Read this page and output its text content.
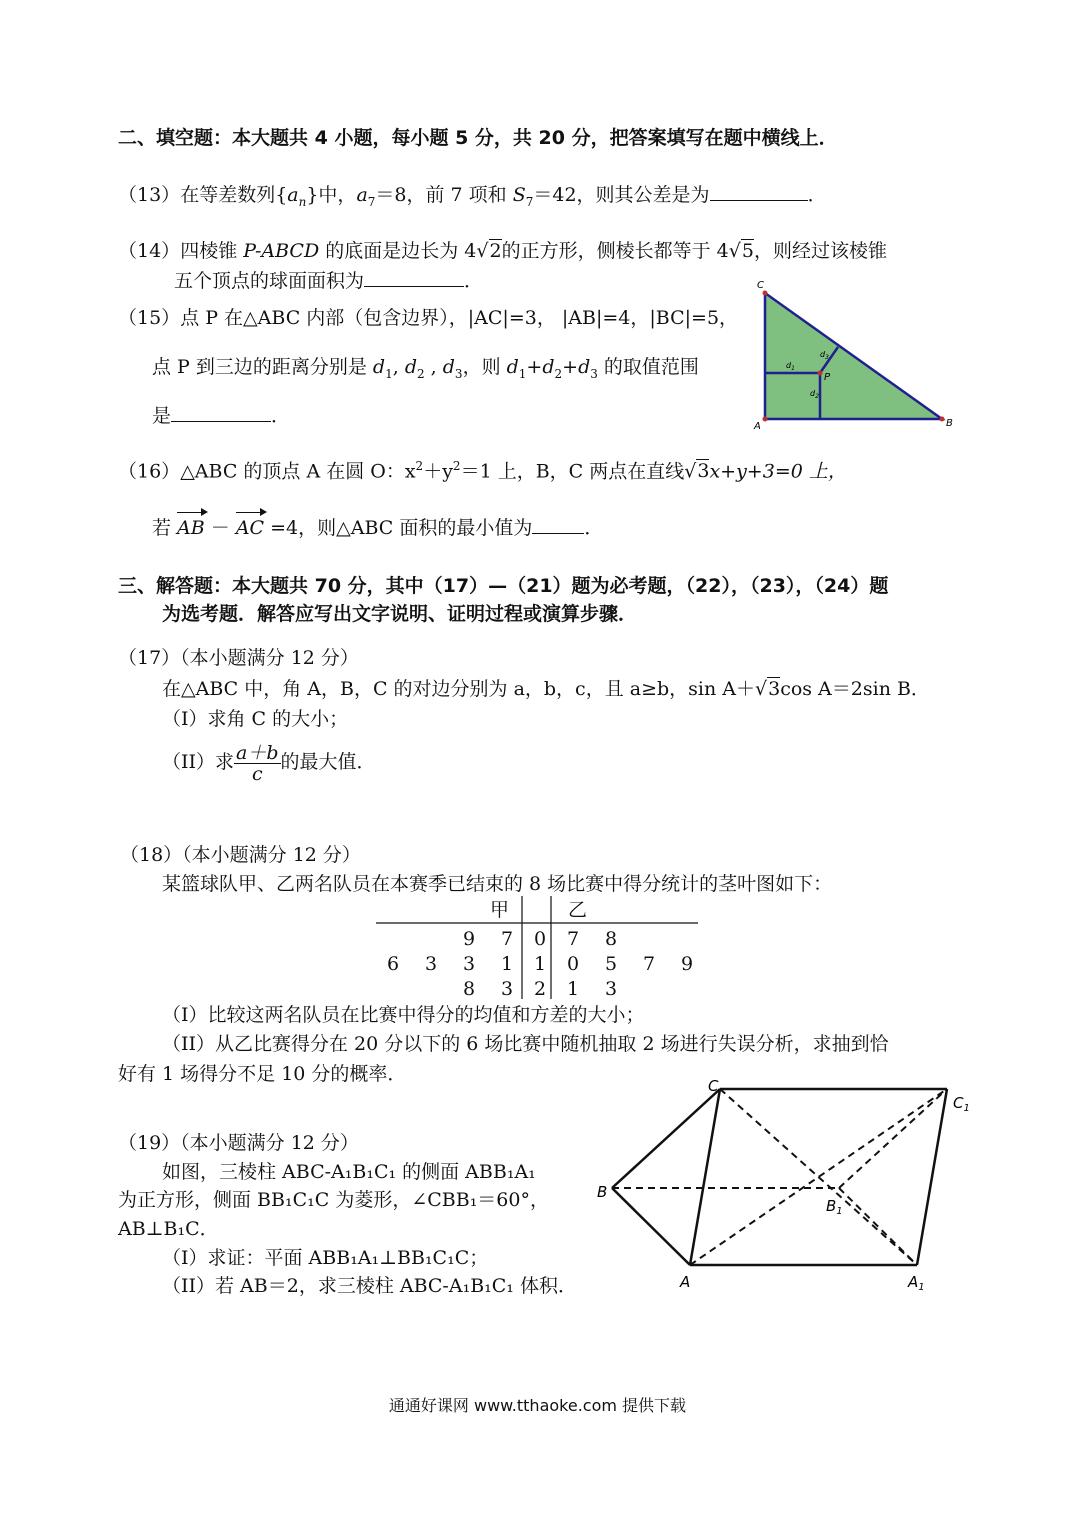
二、填空题：本大题共 4 小题，每小题 5 分，共 20 分，把答案填写在题中横线上．
（13）在等差数列$\{a_n\}$中，$a_7=8$，前 7 项和 $S_7=42$，则其公差是为	．
（14）四棱锥 P-ABCD 的底面是边长为 4√2的正方形，侧棱长都等于 4√5，则经过该棱锥
五个顶点的球面面积为	．
（15）点 P 在△ABC 内部（包含边界），|AC|=3， |AB|=4，|BC|=5，
点 P 到三边的距离分别是 $d_1$, $d_2$ , $d_3$，则 $d_1+d_2+d_3$ 的取值范围
是	．
C
A	B
P
$d_1$
$d_2$
$d_3$
（16）△ABC 的顶点 A 在圆 O：$x^2+y^2=1$ 上，B，C 两点在直线√3x+y+3=0 上，
若 AB － AC =4，则△ABC 面积的最小值为	．
三、解答题：本大题共 70 分，其中（17）—（21）题为必考题，（22），（23），（24）题
为选考题．解答应写出文字说明、证明过程或演算步骤．
（17）（本小题满分 12 分）
在△ABC 中，角 A，B，C 的对边分别为 a，b，c，且 a≥b，sin A＋√3cos A＝2sin B．
（I）求角 C 的大小；
（II）求 $\frac{a+b}{c}$ 的最大值．
（18）（本小题满分 12 分）
某篮球队甲、乙两名队员在本赛季已结束的 8 场比赛中得分统计的茎叶图如下：
甲	乙
		9	7	0	7	8		
6	3	3	1	1	0	5	7	9
		8	3	2	1	3		
（I）比较这两名队员在比赛中得分的均值和方差的大小；
（II）从乙比赛得分在 20 分以下的 6 场比赛中随机抽取 2 场进行失误分析，求抽到恰
好有 1 场得分不足 10 分的概率．
（19）（本小题满分 12 分）
如图，三棱柱 ABC-A₁B₁C₁ 的侧面 ABB₁A₁
为正方形，侧面 BB₁C₁C 为菱形，∠CBB₁＝60°，
AB⊥B₁C．
（I）求证：平面 ABB₁A₁⊥BB₁C₁C；
（II）若 AB＝2，求三棱柱 ABC-A₁B₁C₁ 体积．
C
$C_1$
B
$B_1$
A	$A_1$
通通好课网 www.tthaoke.com 提供下载
